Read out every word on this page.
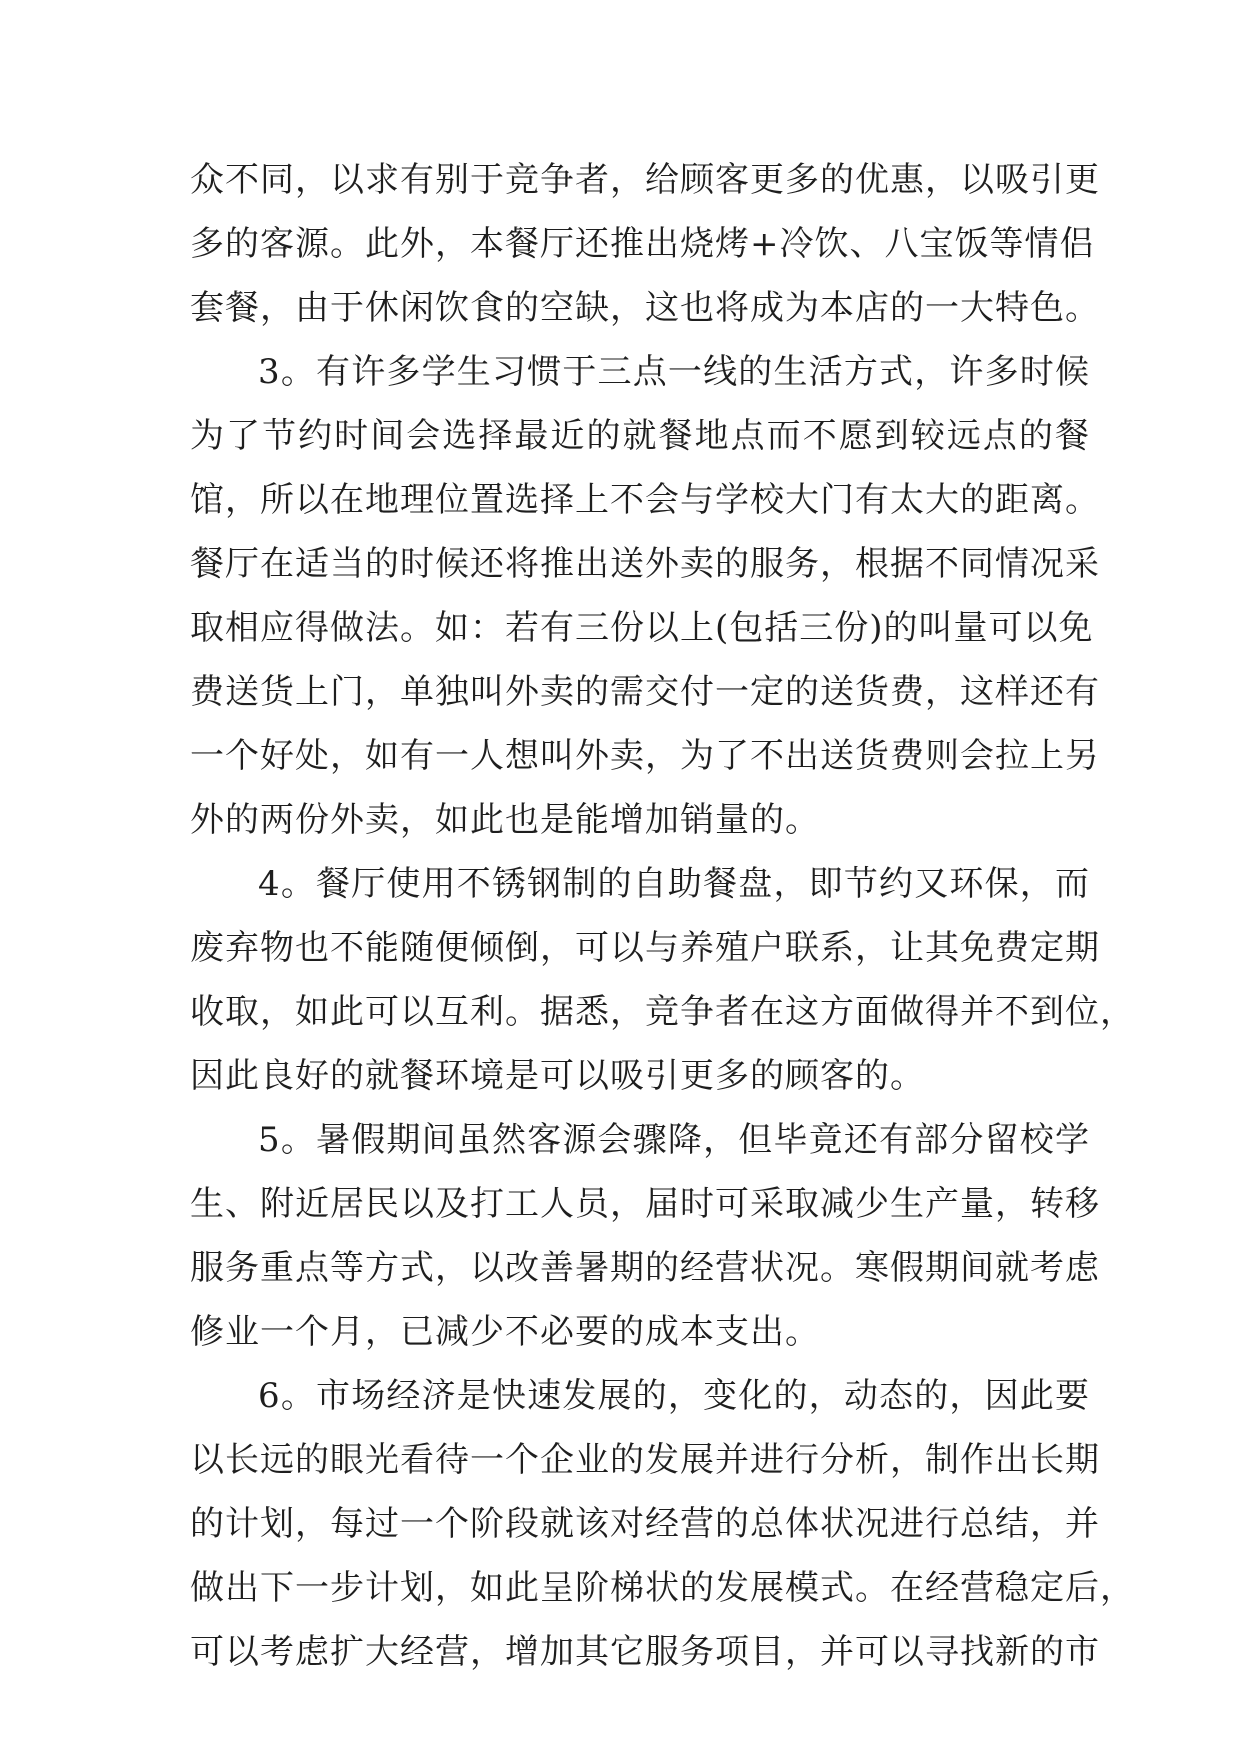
众不同，以求有别于竞争者，给顾客更多的优惠，以吸引更
多的客源。此外，本餐厅还推出烧烤+冷饮、八宝饭等情侣
套餐，由于休闲饮食的空缺，这也将成为本店的一大特色。
3。有许多学生习惯于三点一线的生活方式，许多时候
为了节约时间会选择最近的就餐地点而不愿到较远点的餐
馆，所以在地理位置选择上不会与学校大门有太大的距离。
餐厅在适当的时候还将推出送外卖的服务，根据不同情况采
取相应得做法。如：若有三份以上(包括三份)的叫量可以免
费送货上门，单独叫外卖的需交付一定的送货费，这样还有
一个好处，如有一人想叫外卖，为了不出送货费则会拉上另
外的两份外卖，如此也是能增加销量的。
4。餐厅使用不锈钢制的自助餐盘，即节约又环保，而
废弃物也不能随便倾倒，可以与养殖户联系，让其免费定期
收取，如此可以互利。据悉，竞争者在这方面做得并不到位，
因此良好的就餐环境是可以吸引更多的顾客的。
5。暑假期间虽然客源会骤降，但毕竟还有部分留校学
生、附近居民以及打工人员，届时可采取减少生产量，转移
服务重点等方式，以改善暑期的经营状况。寒假期间就考虑
修业一个月，已减少不必要的成本支出。
6。市场经济是快速发展的，变化的，动态的，因此要
以长远的眼光看待一个企业的发展并进行分析，制作出长期
的计划，每过一个阶段就该对经营的总体状况进行总结，并
做出下一步计划，如此呈阶梯状的发展模式。在经营稳定后，
可以考虑扩大经营，增加其它服务项目，并可以寻找新的市
